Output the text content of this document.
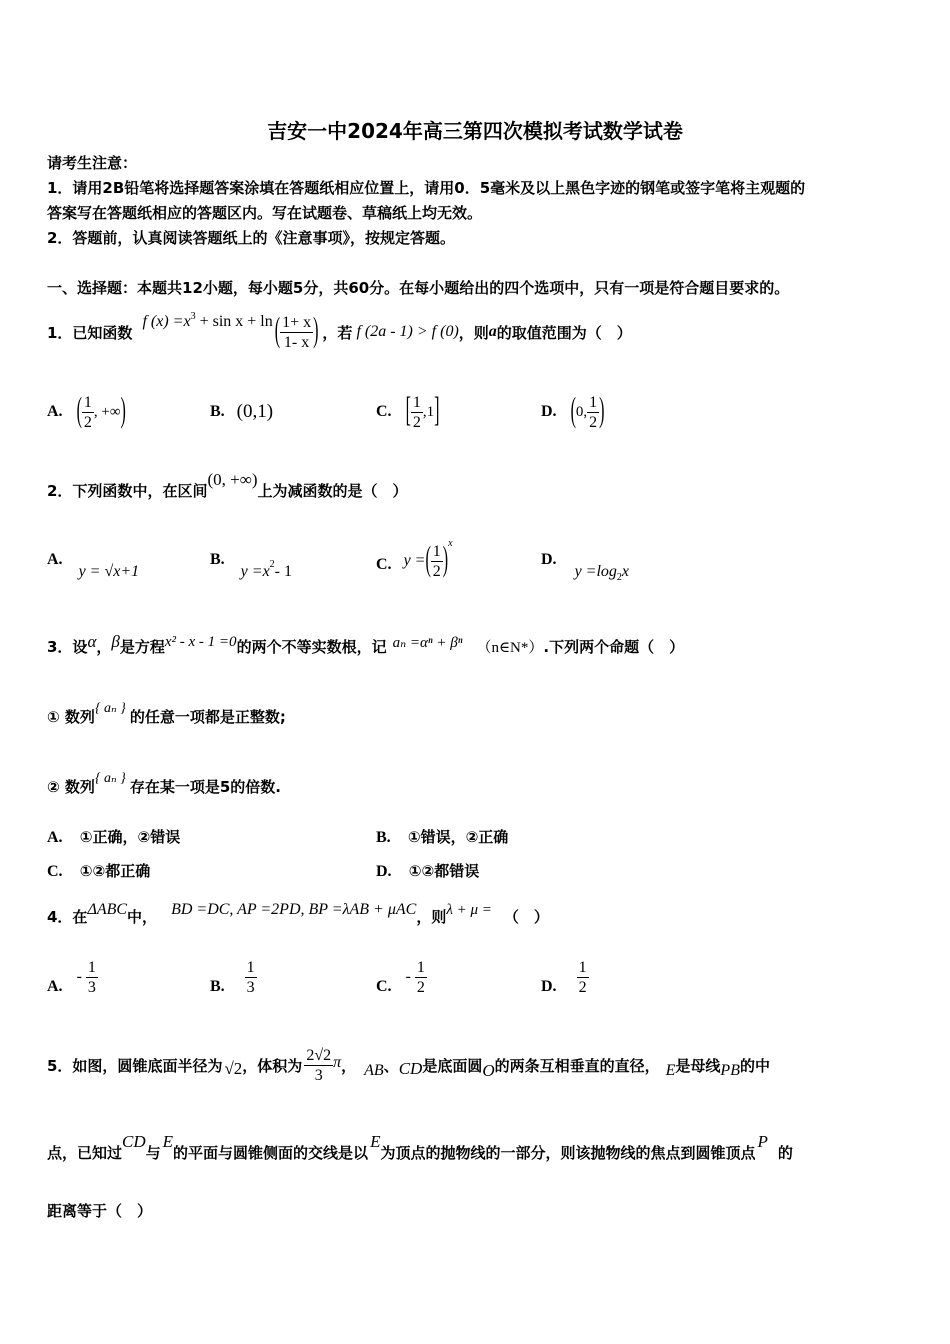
吉安一中2024年高三第四次模拟考试数学试卷
请考生注意：
1．请用2B铅笔将选择题答案涂填在答题纸相应位置上，请用0．5毫米及以上黑色字迹的钢笔或签字笔将主观题的
答案写在答题纸相应的答题区内。写在试题卷、草稿纸上均无效。
2．答题前，认真阅读答题纸上的《注意事项》，按规定答题。
一、选择题：本题共12小题，每小题5分，共60分。在每小题给出的四个选项中，只有一项是符合题目要求的。
1．已知函数
f (x) =x 3 + sin x + ln ( $\frac{1+ x}{1- x}$ ) ，若 f (2a - 1) > f (0) ，则 a 的取值范围为（　）
A. ( $\frac{1}{2}$ , +∞ )	B. (0,1)	C. [ $\frac{1}{2} ,1$ ]	D. ( 0, $\frac{1}{2}$ )
2．下列函数中，在区间
(0, +∞)
上为减函数的是（　）
A.
y = √x+1
B.
y =x 2 - 1	C. y = ( $\frac{1}{2}$ ) x
D.
y =log 2 x
3．设 α ， β 是方程 x² - x - 1 =0 的两个不等实数根，记 aₙ =αⁿ + βⁿ （n∈N*） .下列两个命题（　）
① 数列 { aₙ } 的任意一项都是正整数;
② 数列 { aₙ } 存在某一项是5的倍数.
A. ①正确，②错误	B. ①错误，②正确
C. ①②都正确	D. ①②都错误
4．在 ΔABC 中， BD =DC, AP =2PD, BP =λAB + μAC ，则 λ + μ = （　）
A.
- $\frac{1}{3}$	B. $\frac{1}{3}$	C.
- $\frac{1}{2}$	D. $\frac{1}{2}$
5．如图，圆锥底面半径为 √2 ，体积为 $\frac{2√2}{3}$ π ， AB 、 CD 是底面圆 O 的两条互相垂直的直径， E 是母线 PB 的中
点，已知过
CD
与
E
的平面与圆锥侧面的交线是以
E
为顶点的抛物线的一部分，则该抛物线的焦点到圆锥顶点
P
的
距离等于（　）
